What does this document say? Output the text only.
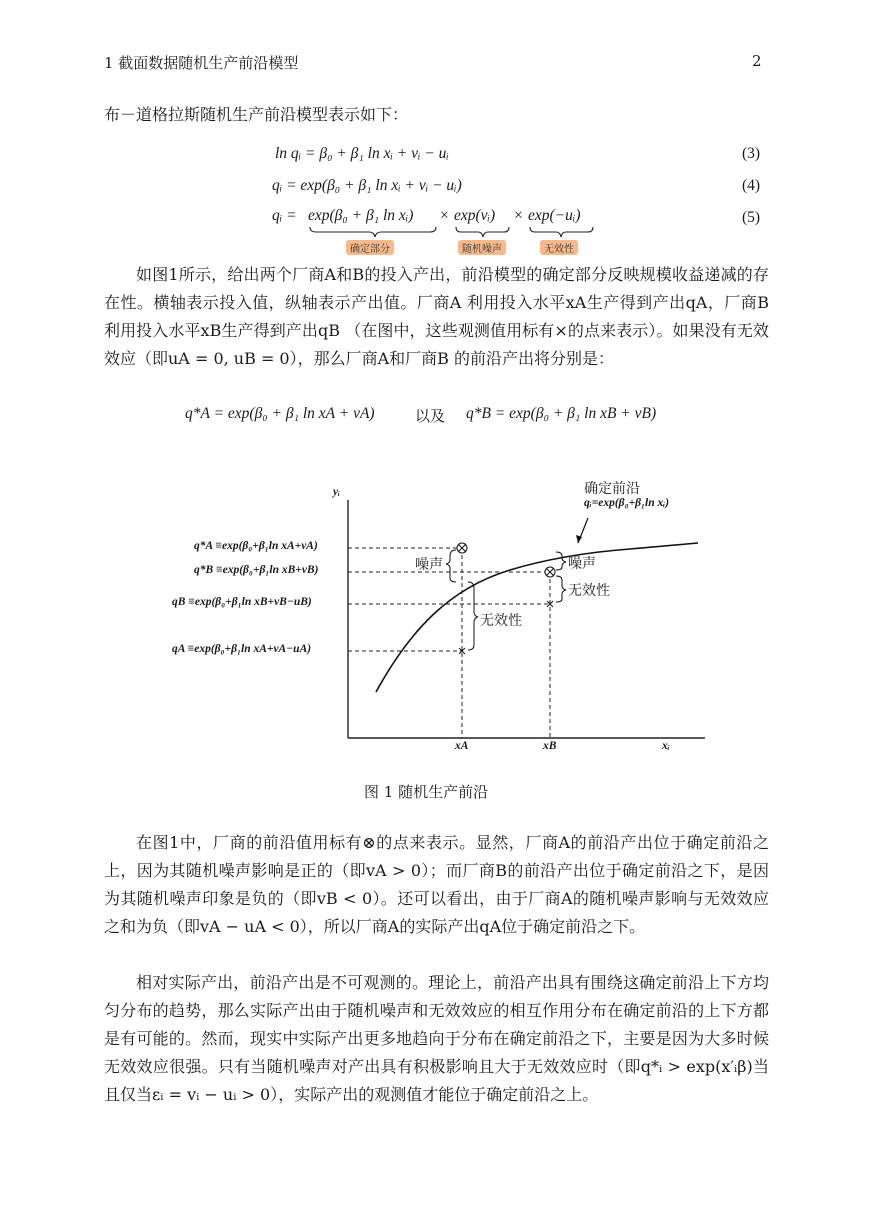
1 截面数据随机生产前沿模型	2
布－道格拉斯随机生产前沿模型表示如下：
ln qᵢ = β₀ + β₁ ln xᵢ + vᵢ − uᵢ	(3)
qᵢ = exp(β₀ + β₁ ln xᵢ + vᵢ − uᵢ)	(4)
qᵢ = exp(β₀ + β₁ ln xᵢ) × exp(vᵢ) × exp(−uᵢ)
确定部分	随机噪声	无效性
(5)
如图1所示，给出两个厂商A和B的投入产出，前沿模型的确定部分反映规模收益递减的存在性。横轴表示投入值，纵轴表示产出值。厂商A 利用投入水平xA生产得到产出qA，厂商B 利用投入水平xB生产得到产出qB （在图中，这些观测值用标有×的点来表示）。如果没有无效效应（即uA = 0, uB = 0），那么厂商A和厂商B 的前沿产出将分别是：
q*A = exp(β₀ + β₁ ln xA + vA)	以及 q*B = exp(β₀ + β₁ ln xB + vB)
yᵢ
xA	xB	xᵢ
确定前沿
qᵢ=exp(β₀+β₁ln xᵢ)
q*A ≡exp(β₀+β₁ln xA+vA)
q*B ≡exp(β₀+β₁ln xB+vB)
qB ≡exp(β₀+β₁ln xB+vB−uB)
qA ≡exp(β₀+β₁ln xA+vA−uA)
噪声
无效性
噪声
无效性
图 1 随机生产前沿
在图1中，厂商的前沿值用标有⊗的点来表示。显然，厂商A的前沿产出位于确定前沿之上，因为其随机噪声影响是正的（即vA > 0）；而厂商B的前沿产出位于确定前沿之下，是因为其随机噪声印象是负的（即vB < 0）。还可以看出，由于厂商A的随机噪声影响与无效效应之和为负（即vA − uA < 0），所以厂商A的实际产出qA位于确定前沿之下。
相对实际产出，前沿产出是不可观测的。理论上，前沿产出具有围绕这确定前沿上下方均匀分布的趋势，那么实际产出由于随机噪声和无效效应的相互作用分布在确定前沿的上下方都是有可能的。然而，现实中实际产出更多地趋向于分布在确定前沿之下，主要是因为大多时候无效效应很强。只有当随机噪声对产出具有积极影响且大于无效效应时（即q*ᵢ > exp(x′ᵢβ)当且仅当εᵢ = vᵢ − uᵢ > 0），实际产出的观测值才能位于确定前沿之上。
